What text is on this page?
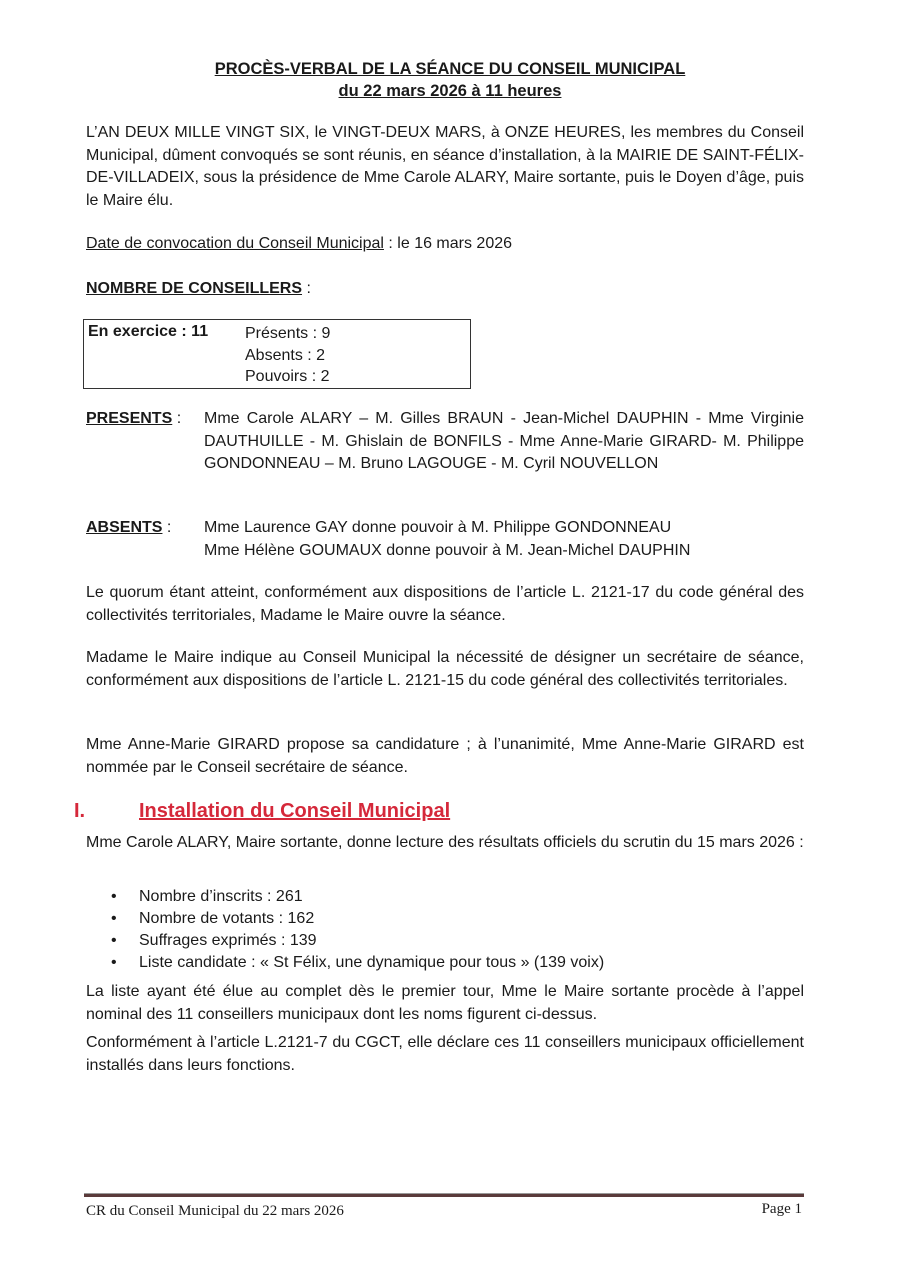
PROCÈS-VERBAL DE LA SÉANCE DU CONSEIL MUNICIPAL
du 22 mars 2026 à 11 heures

L’AN DEUX MILLE VINGT SIX, le VINGT-DEUX MARS, à ONZE HEURES, les membres du Conseil Municipal, dûment convoqués se sont réunis, en séance d’installation, à la MAIRIE DE SAINT-FÉLIX-DE-VILLADEIX, sous la présidence de Mme Carole ALARY, Maire sortante, puis le Doyen d’âge, puis le Maire élu.

Date de convocation du Conseil Municipal : le 16 mars 2026

NOMBRE DE CONSEILLERS :

En exercice : 11 Présents : 9
Absents : 2
Pouvoirs : 2
PRESENTS : Mme Carole ALARY – M. Gilles BRAUN - Jean-Michel DAUPHIN - Mme Virginie DAUTHUILLE - M. Ghislain de BONFILS - Mme Anne-Marie GIRARD- M. Philippe GONDONNEAU – M. Bruno LAGOUGE - M. Cyril NOUVELLON

ABSENTS : Mme Laurence GAY donne pouvoir à M. Philippe GONDONNEAU
Mme Hélène GOUMAUX donne pouvoir à M. Jean-Michel DAUPHIN

Le quorum étant atteint, conformément aux dispositions de l’article L. 2121-17 du code général des collectivités territoriales, Madame le Maire ouvre la séance.

Madame le Maire indique au Conseil Municipal la nécessité de désigner un secrétaire de séance, conformément aux dispositions de l’article L. 2121-15 du code général des collectivités territoriales.

Mme Anne-Marie GIRARD propose sa candidature ; à l’unanimité, Mme Anne-Marie GIRARD est nommée par le Conseil secrétaire de séance.

I.	Installation du Conseil Municipal

Mme Carole ALARY, Maire sortante, donne lecture des résultats officiels du scrutin du 15 mars 2026 :

• Nombre d’inscrits : 261
• Nombre de votants : 162
• Suffrages exprimés : 139
• Liste candidate : « St Félix, une dynamique pour tous » (139 voix)

La liste ayant été élue au complet dès le premier tour, Mme le Maire sortante procède à l’appel nominal des 11 conseillers municipaux dont les noms figurent ci-dessus.

Conformément à l’article L.2121-7 du CGCT, elle déclare ces 11 conseillers municipaux officiellement installés dans leurs fonctions.

CR du Conseil Municipal du 22 mars 2026	Page 1
